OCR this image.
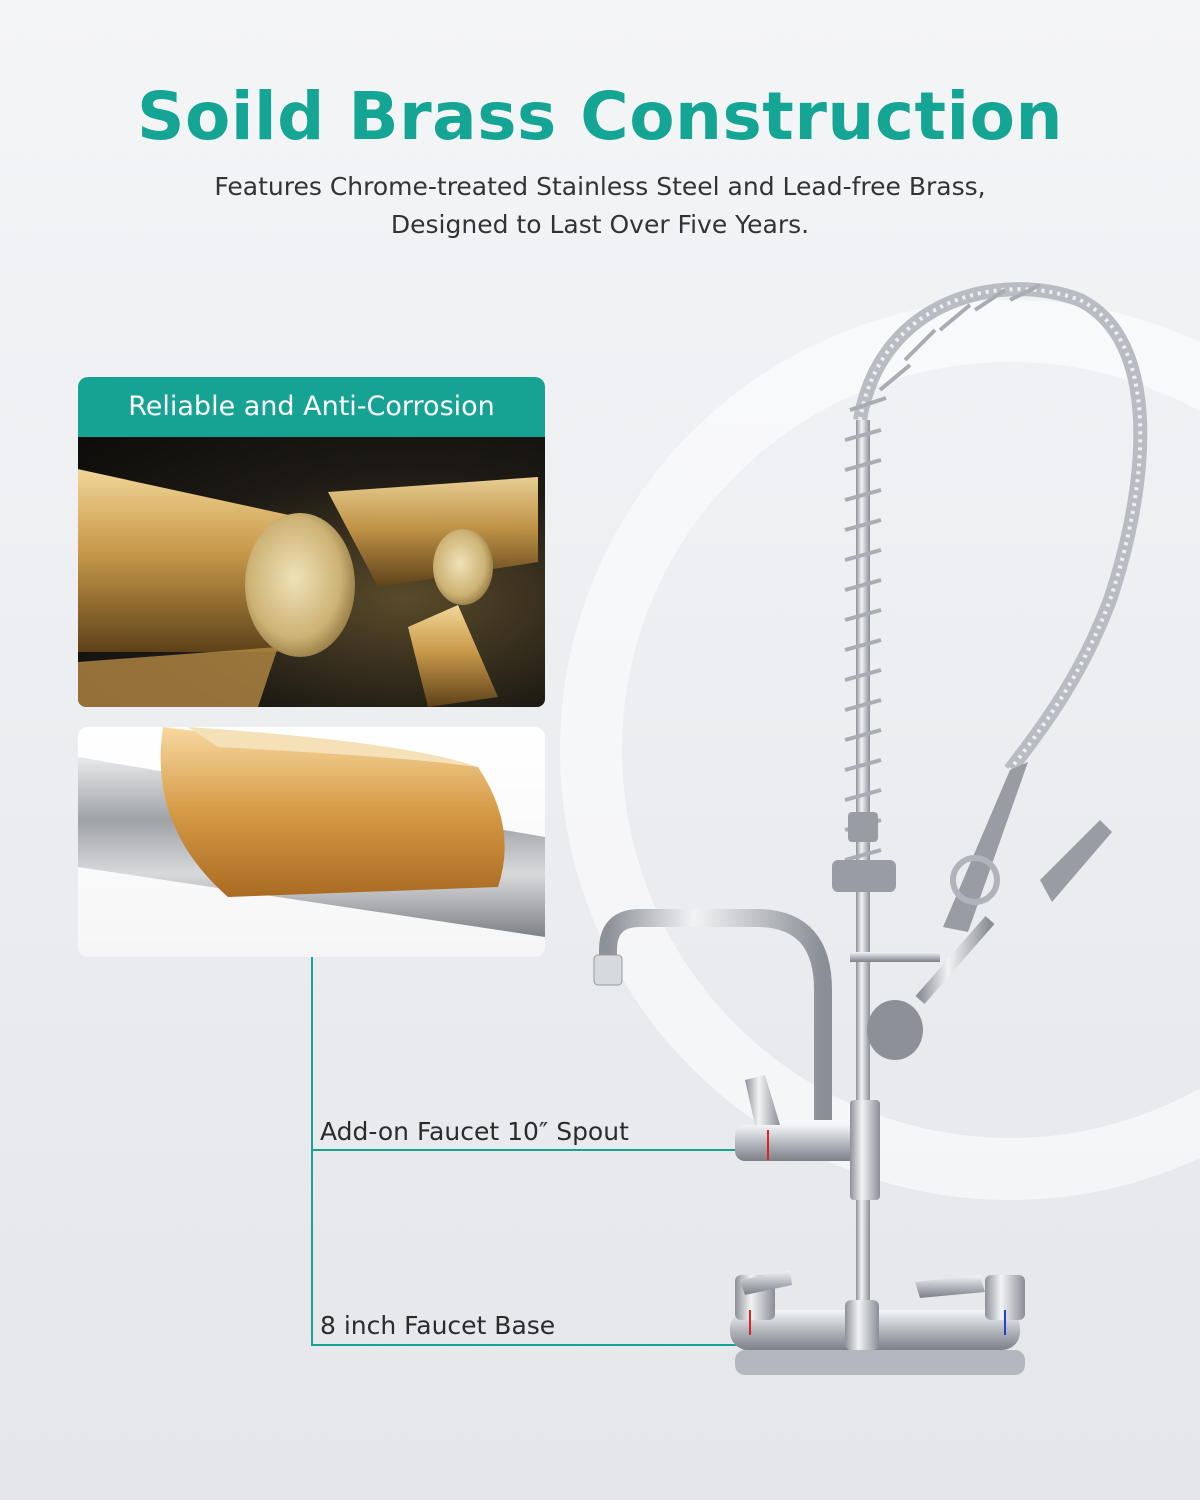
Soild Brass Construction
Features Chrome-treated Stainless Steel and Lead-free Brass,
Designed to Last Over Five Years.
Reliable and Anti-Corrosion
Add-on Faucet 10″ Spout
8 inch Faucet Base
